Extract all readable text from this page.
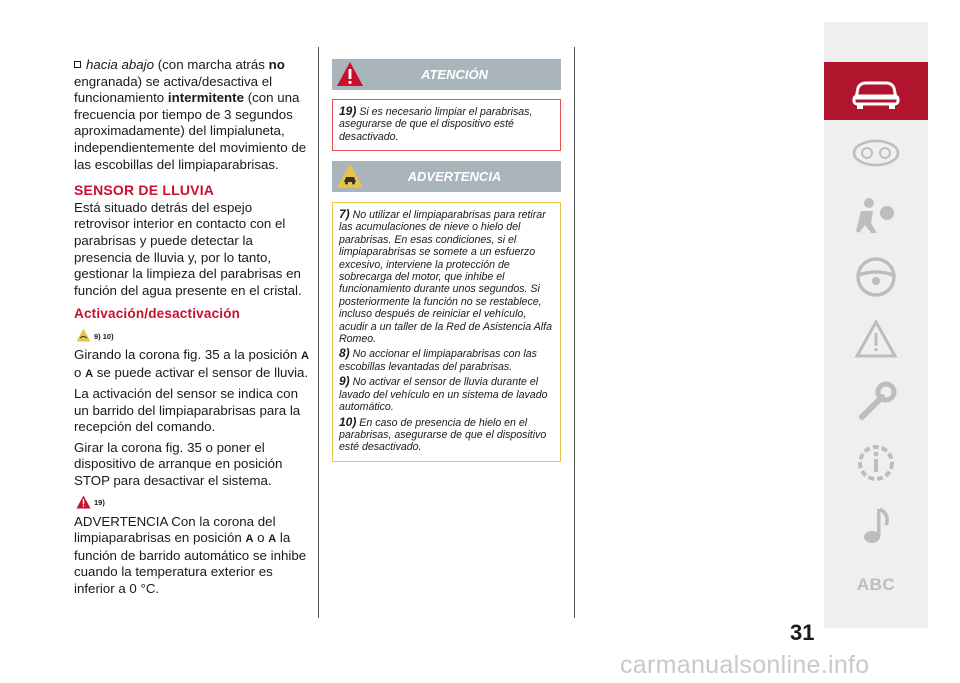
hacia abajo (con marcha atrás no engranada) se activa/desactiva el funcionamiento intermitente (con una frecuencia por tiempo de 3 segundos aproximadamente) del limpialuneta, independientemente del movimiento de las escobillas del limpiaparabrisas.

SENSOR DE LLUVIA

Está situado detrás del espejo retrovisor interior en contacto con el parabrisas y puede detectar la presencia de lluvia y, por lo tanto, gestionar la limpieza del parabrisas en función del agua presente en el cristal.

Activación/desactivación
9) 10)

Girando la corona fig. 35 a la posición A o A se puede activar el sensor de lluvia.

La activación del sensor se indica con un barrido del limpiaparabrisas para la recepción del comando.

Girar la corona fig. 35 o poner el dispositivo de arranque en posición STOP para desactivar el sistema.

19)

ADVERTENCIA Con la corona del limpiaparabrisas en posición A o A la función de barrido automático se inhibe cuando la temperatura exterior es inferior a 0 °C.

ATENCIÓN

19) Si es necesario limpiar el parabrisas, asegurarse de que el dispositivo esté desactivado.

ADVERTENCIA

7) No utilizar el limpiaparabrisas para retirar las acumulaciones de nieve o hielo del parabrisas. En esas condiciones, si el limpiaparabrisas se somete a un esfuerzo excesivo, interviene la protección de sobrecarga del motor, que inhibe el funcionamiento durante unos segundos. Si posteriormente la función no se restablece, incluso después de reiniciar el vehículo, acudir a un taller de la Red de Asistencia Alfa Romeo.

8) No accionar el limpiaparabrisas con las escobillas levantadas del parabrisas.

9) No activar el sensor de lluvia durante el lavado del vehículo en un sistema de lavado automático.

10) En caso de presencia de hielo en el parabrisas, asegurarse de que el dispositivo esté desactivado.

ABC
31
carmanualsonline.info
